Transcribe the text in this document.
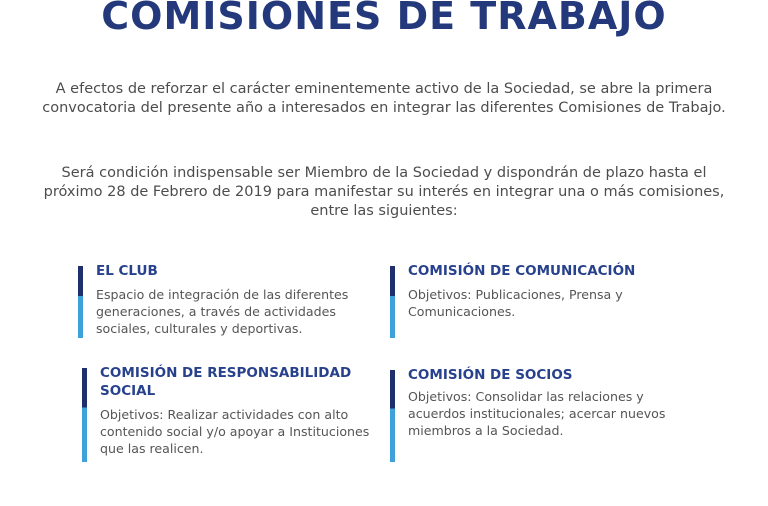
COMISIONES DE TRABAJO

A efectos de reforzar el carácter eminentemente activo de la Sociedad, se abre la primera convocatoria del presente año a interesados en integrar las diferentes Comisiones de Trabajo.

Será condición indispensable ser Miembro de la Sociedad y dispondrán de plazo hasta el próximo 28 de Febrero de 2019 para manifestar su interés en integrar una o más comisiones, entre las siguientes:

EL CLUB

Espacio de integración de las diferentes generaciones, a través de actividades sociales, culturales y deportivas.

COMISIÓN DE COMUNICACIÓN

Objetivos: Publicaciones, Prensa y Comunicaciones.

COMISIÓN DE RESPONSABILIDAD SOCIAL

Objetivos: Realizar actividades con alto contenido social y/o apoyar a Instituciones que las realicen.

COMISIÓN DE SOCIOS

Objetivos: Consolidar las relaciones y acuerdos institucionales; acercar nuevos miembros a la Sociedad.
